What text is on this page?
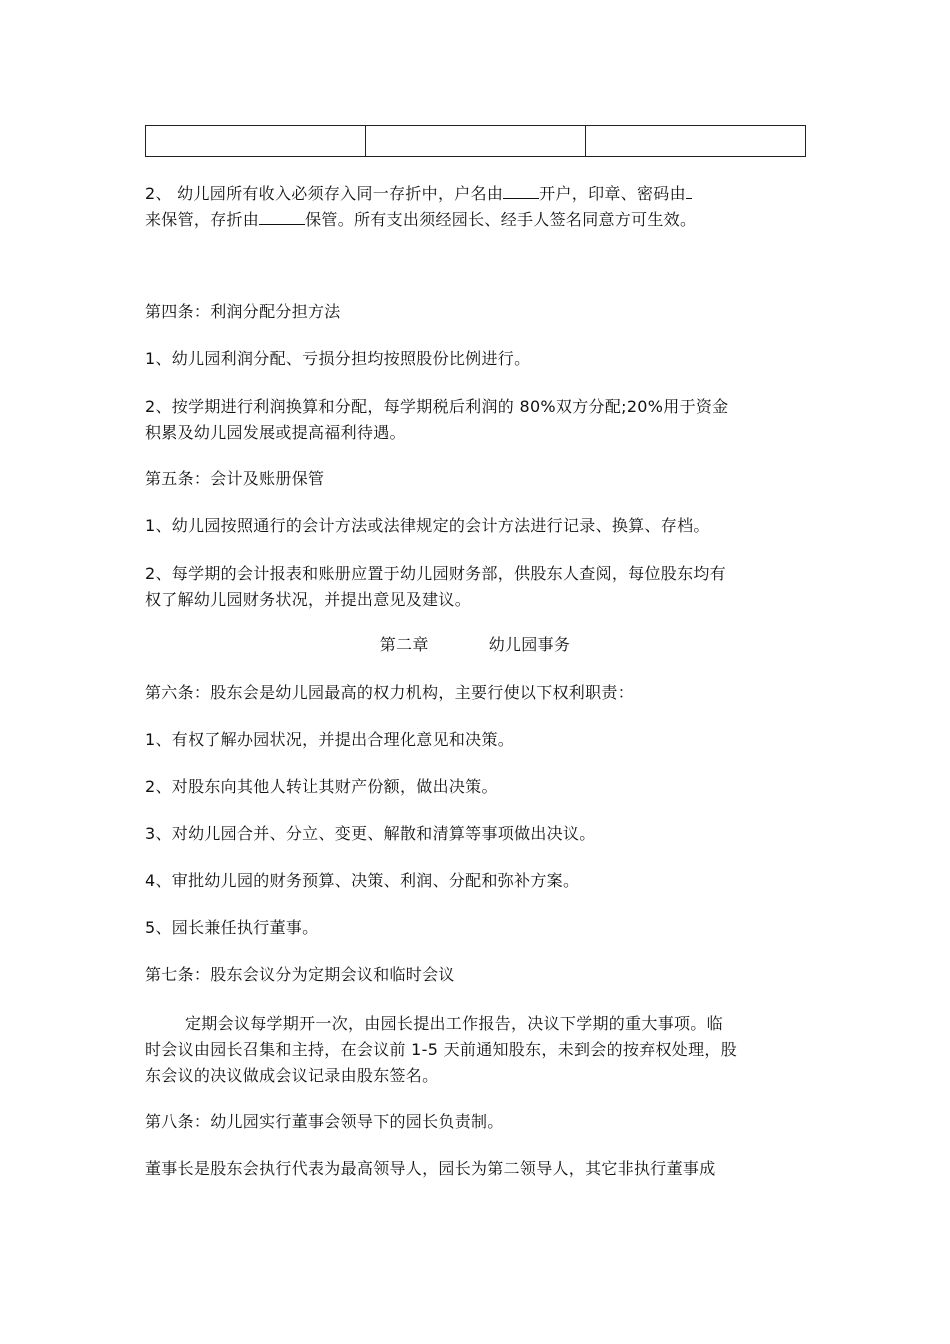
2、 幼儿园所有收入必须存入同一存折中，户名由 开户，印章、密码由
来保管，存折由	保管。所有支出须经园长、经手人签名同意方可生效。
第四条：利润分配分担方法
1、幼儿园利润分配、亏损分担均按照股份比例进行。
2、按学期进行利润换算和分配，每学期税后利润的 80%双方分配;20%用于资金
积累及幼儿园发展或提高福利待遇。
第五条：会计及账册保管
1、幼儿园按照通行的会计方法或法律规定的会计方法进行记录、换算、存档。
2、每学期的会计报表和账册应置于幼儿园财务部，供股东人查阅，每位股东均有
权了解幼儿园财务状况，并提出意见及建议。
第二章	幼儿园事务
第六条：股东会是幼儿园最高的权力机构，主要行使以下权利职责：
1、有权了解办园状况，并提出合理化意见和决策。
2、对股东向其他人转让其财产份额，做出决策。
3、对幼儿园合并、分立、变更、解散和清算等事项做出决议。
4、审批幼儿园的财务预算、决策、利润、分配和弥补方案。
5、园长兼任执行董事。
第七条：股东会议分为定期会议和临时会议
定期会议每学期开一次，由园长提出工作报告，决议下学期的重大事项。临
时会议由园长召集和主持，在会议前 1-5 天前通知股东，未到会的按弃权处理，股
东会议的决议做成会议记录由股东签名。
第八条：幼儿园实行董事会领导下的园长负责制。
董事长是股东会执行代表为最高领导人，园长为第二领导人，其它非执行董事成
